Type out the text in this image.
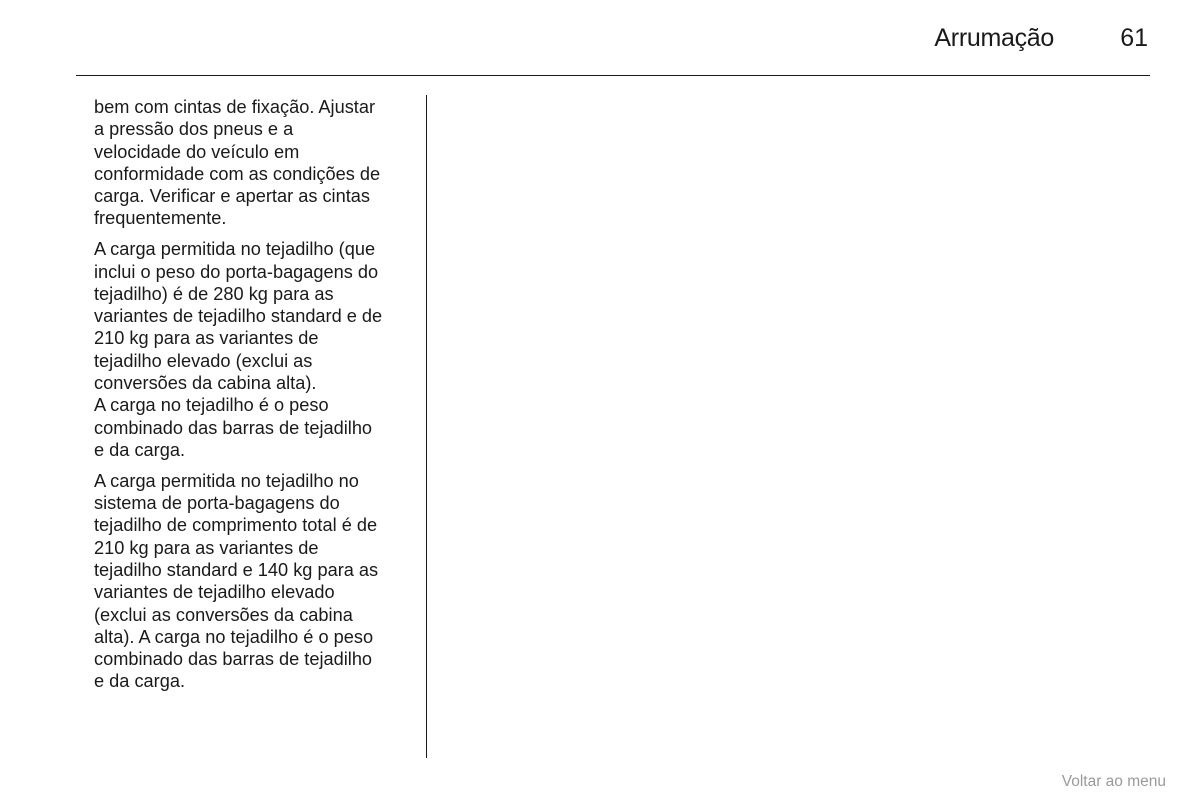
Arrumação	61

bem com cintas de fixação. Ajustar
a pressão dos pneus e a
velocidade do veículo em
conformidade com as condições de
carga. Verificar e apertar as cintas
frequentemente.

A carga permitida no tejadilho (que
inclui o peso do porta-bagagens do
tejadilho) é de 280 kg para as
variantes de tejadilho standard e de
210 kg para as variantes de
tejadilho elevado (exclui as
conversões da cabina alta).
A carga no tejadilho é o peso
combinado das barras de tejadilho
e da carga.

A carga permitida no tejadilho no
sistema de porta-bagagens do
tejadilho de comprimento total é de
210 kg para as variantes de
tejadilho standard e 140 kg para as
variantes de tejadilho elevado
(exclui as conversões da cabina
alta). A carga no tejadilho é o peso
combinado das barras de tejadilho
e da carga.

Voltar ao menu
